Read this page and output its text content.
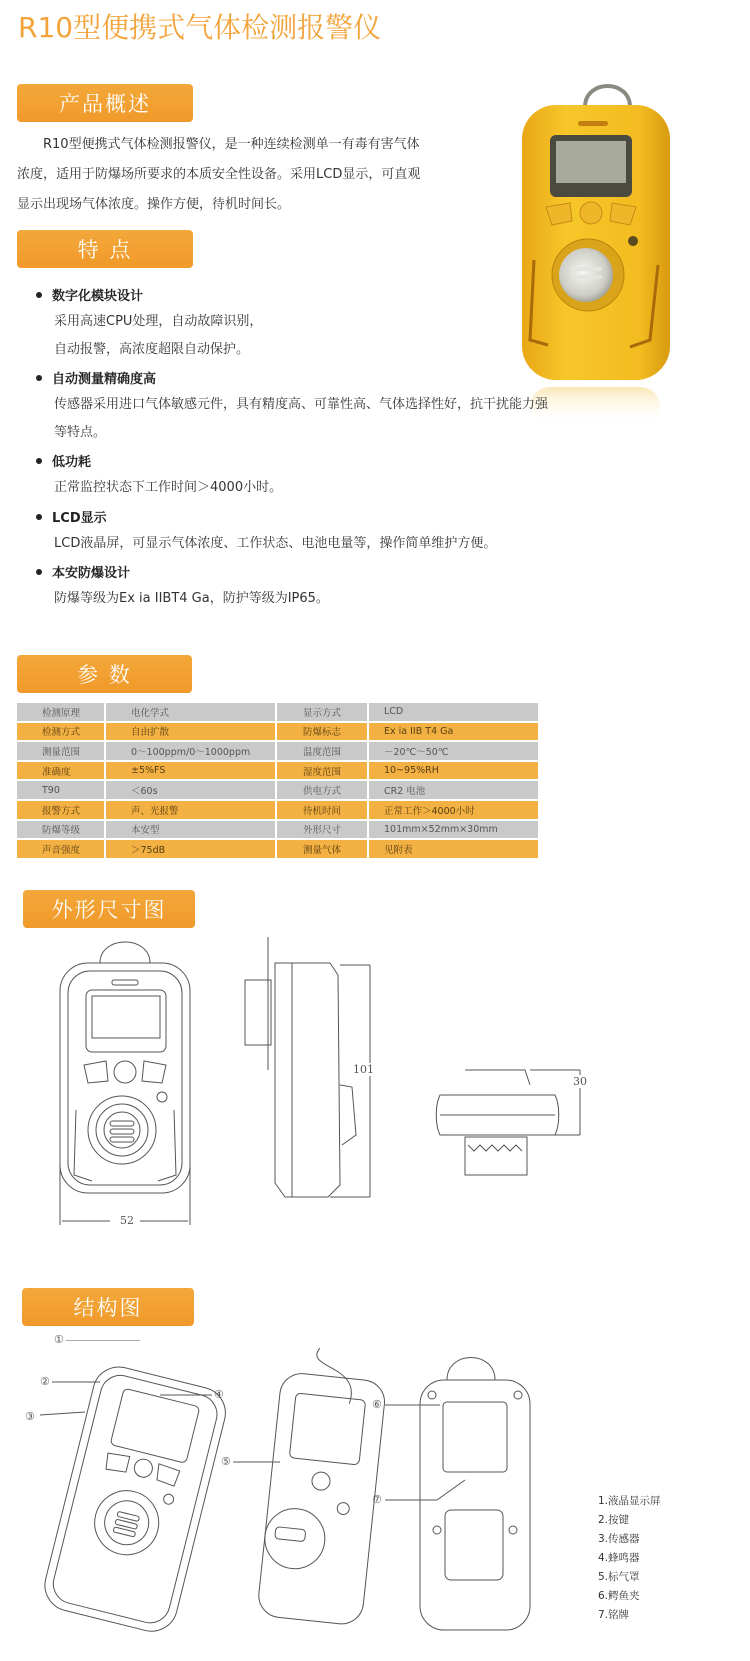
R10型便携式气体检测报警仪
产品概述
R10型便携式气体检测报警仪，是一种连续检测单一有毒有害气体
浓度，适用于防爆场所要求的本质安全性设备。采用LCD显示，可直观
显示出现场气体浓度。操作方便，待机时间长。
特 点
数字化模块设计
采用高速CPU处理，自动故障识别，
自动报警，高浓度超限自动保护。
自动测量精确度高
传感器采用进口气体敏感元件，具有精度高、可靠性高、气体选择性好，抗干扰能力强
等特点。
低功耗
正常监控状态下工作时间＞4000小时。
LCD显示
LCD液晶屏，可显示气体浓度、工作状态、电池电量等，操作简单维护方便。
本安防爆设计
防爆等级为Ex ia IIBT4 Ga，防护等级为IP65。
参 数
检测原理	电化学式	显示方式	LCD
检测方式	自由扩散	防爆标志	Ex ia IIB T4 Ga
测量范围	0～100ppm/0～1000ppm	温度范围	－20℃～50℃
准确度	±5%FS	湿度范围	10~95%RH
T90	＜60s	供电方式	CR2 电池
报警方式	声、光报警	待机时间	正常工作＞4000小时
防爆等级	本安型	外形尺寸	101mm×52mm×30mm
声音强度	＞75dB	测量气体	见附表
外形尺寸图
52
101
30
结构图
①
②
③
④
⑤
⑥
⑦	1.液晶显示屏
2.按键
3.传感器
4.蜂鸣器
5.标气罩
6.鳄鱼夹
7.铭牌
